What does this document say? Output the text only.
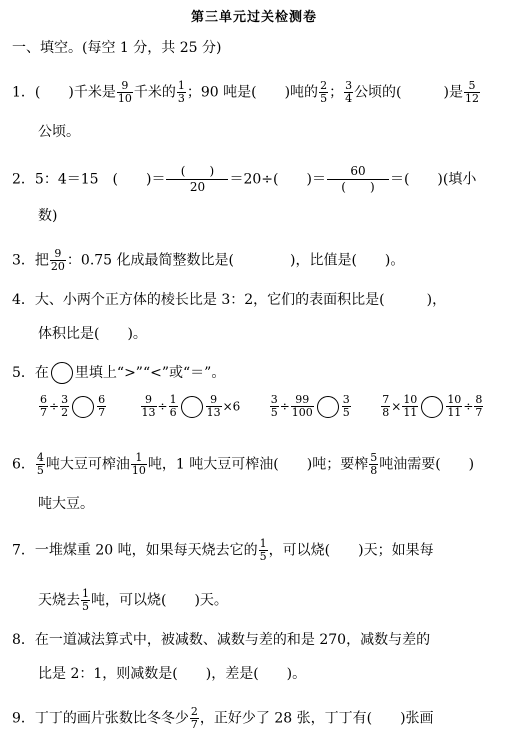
第三单元过关检测卷
一、填空。(每空 1 分，共 25 分)
1．(　　)千米是 $\frac{9}{10}$ 千米的 $\frac{1}{3}$ ；90 吨是(　　)吨的 $\frac{2}{5}$ ； $\frac{3}{4}$ 公顷的(　　　)是 $\frac{5}{12}$
公顷。
2．5：4＝15　(　　)＝
(　　)
20	＝20÷(　　)＝
60
(　　)	＝(　　)(填小
数)
3．把 $\frac{9}{20}$ ：0.75 化成最简整数比是(　　　　)，比值是(　　)。
4．大、小两个正方体的棱长比是 3：2，它们的表面积比是(　　　)，
体积比是(　　)。
5．在 里填上“>”“<”或“＝”。
$\frac{6}{7} \div \frac{3}{2}$	$\frac{6}{7}$
	$\frac{9}{13} \div \frac{1}{6}$	$\frac{9}{13} \times 6$	$\frac{3}{5} \div \frac{99}{100}$	$\frac{3}{5}$
	$\frac{7}{8} \times \frac{10}{11}$	$\frac{10}{11} \div \frac{8}{7}$
6． $\frac{4}{5}$ 吨大豆可榨油 $\frac{1}{10}$ 吨，1 吨大豆可榨油(　　)吨；要榨 $\frac{5}{8}$ 吨油需要(　　)
吨大豆。
7．一堆煤重 20 吨，如果每天烧去它的 $\frac{1}{5}$ ，可以烧(　　)天；如果每
天烧去 $\frac{1}{5}$ 吨，可以烧(　　)天。
8．在一道减法算式中，被减数、减数与差的和是 270，减数与差的
比是 2：1，则减数是(　　)，差是(　　)。
9．丁丁的画片张数比冬冬少 $\frac{2}{7}$ ，正好少了 28 张，丁丁有(　　)张画
